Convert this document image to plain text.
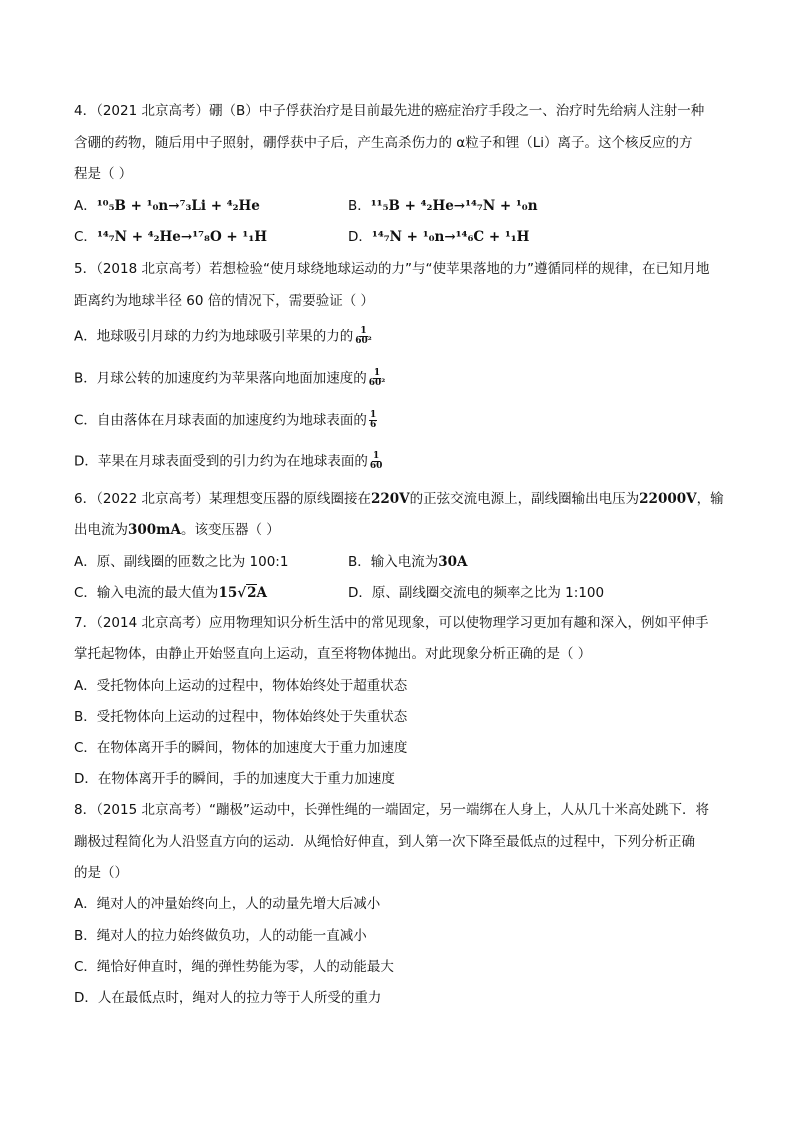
4．（2021 北京高考）硼（B）中子俘获治疗是目前最先进的癌症治疗手段之一、治疗时先给病人注射一种
含硼的药物，随后用中子照射，硼俘获中子后，产生高杀伤力的 α粒子和锂（Li）离子。这个核反应的方
程是（ ）
A．¹⁰₅B + ¹₀n→⁷₃Li + ⁴₂He	B．¹¹₅B + ⁴₂He→¹⁴₇N + ¹₀n
C．¹⁴₇N + ⁴₂He→¹⁷₈O + ¹₁H	D．¹⁴₇N + ¹₀n→¹⁴₆C + ¹₁H
5．（2018 北京高考）若想检验“使月球绕地球运动的力”与“使苹果落地的力”遵循同样的规律，在已知月地
距离约为地球半径 60 倍的情况下，需要验证（ ）
A．地球吸引月球的力约为地球吸引苹果的力的 $\frac{1}{\text{60²}}$
B．月球公转的加速度约为苹果落向地面加速度的 $\frac{1}{\text{60²}}$
C．自由落体在月球表面的加速度约为地球表面的 $\frac{1}{6}$
D．苹果在月球表面受到的引力约为在地球表面的 $\frac{1}{60}$
6．（2022 北京高考）某理想变压器的原线圈接在220V的正弦交流电源上，副线圈输出电压为22000V，输
出电流为300mA。该变压器（ ）
A．原、副线圈的匝数之比为 100:1	B．输入电流为30A
C．输入电流的最大值为15√2A	D．原、副线圈交流电的频率之比为 1:100
7．（2014 北京高考）应用物理知识分析生活中的常见现象，可以使物理学习更加有趣和深入，例如平伸手
掌托起物体，由静止开始竖直向上运动，直至将物体抛出。对此现象分析正确的是（ ）
A．受托物体向上运动的过程中，物体始终处于超重状态
B．受托物体向上运动的过程中，物体始终处于失重状态
C．在物体离开手的瞬间，物体的加速度大于重力加速度
D．在物体离开手的瞬间，手的加速度大于重力加速度
8．（2015 北京高考）“蹦极”运动中，长弹性绳的一端固定，另一端绑在人身上，人从几十米高处跳下．将
蹦极过程简化为人沿竖直方向的运动．从绳恰好伸直，到人第一次下降至最低点的过程中，下列分析正确
的是（）
A．绳对人的冲量始终向上，人的动量先增大后减小
B．绳对人的拉力始终做负功，人的动能一直减小
C．绳恰好伸直时，绳的弹性势能为零，人的动能最大
D．人在最低点时，绳对人的拉力等于人所受的重力
